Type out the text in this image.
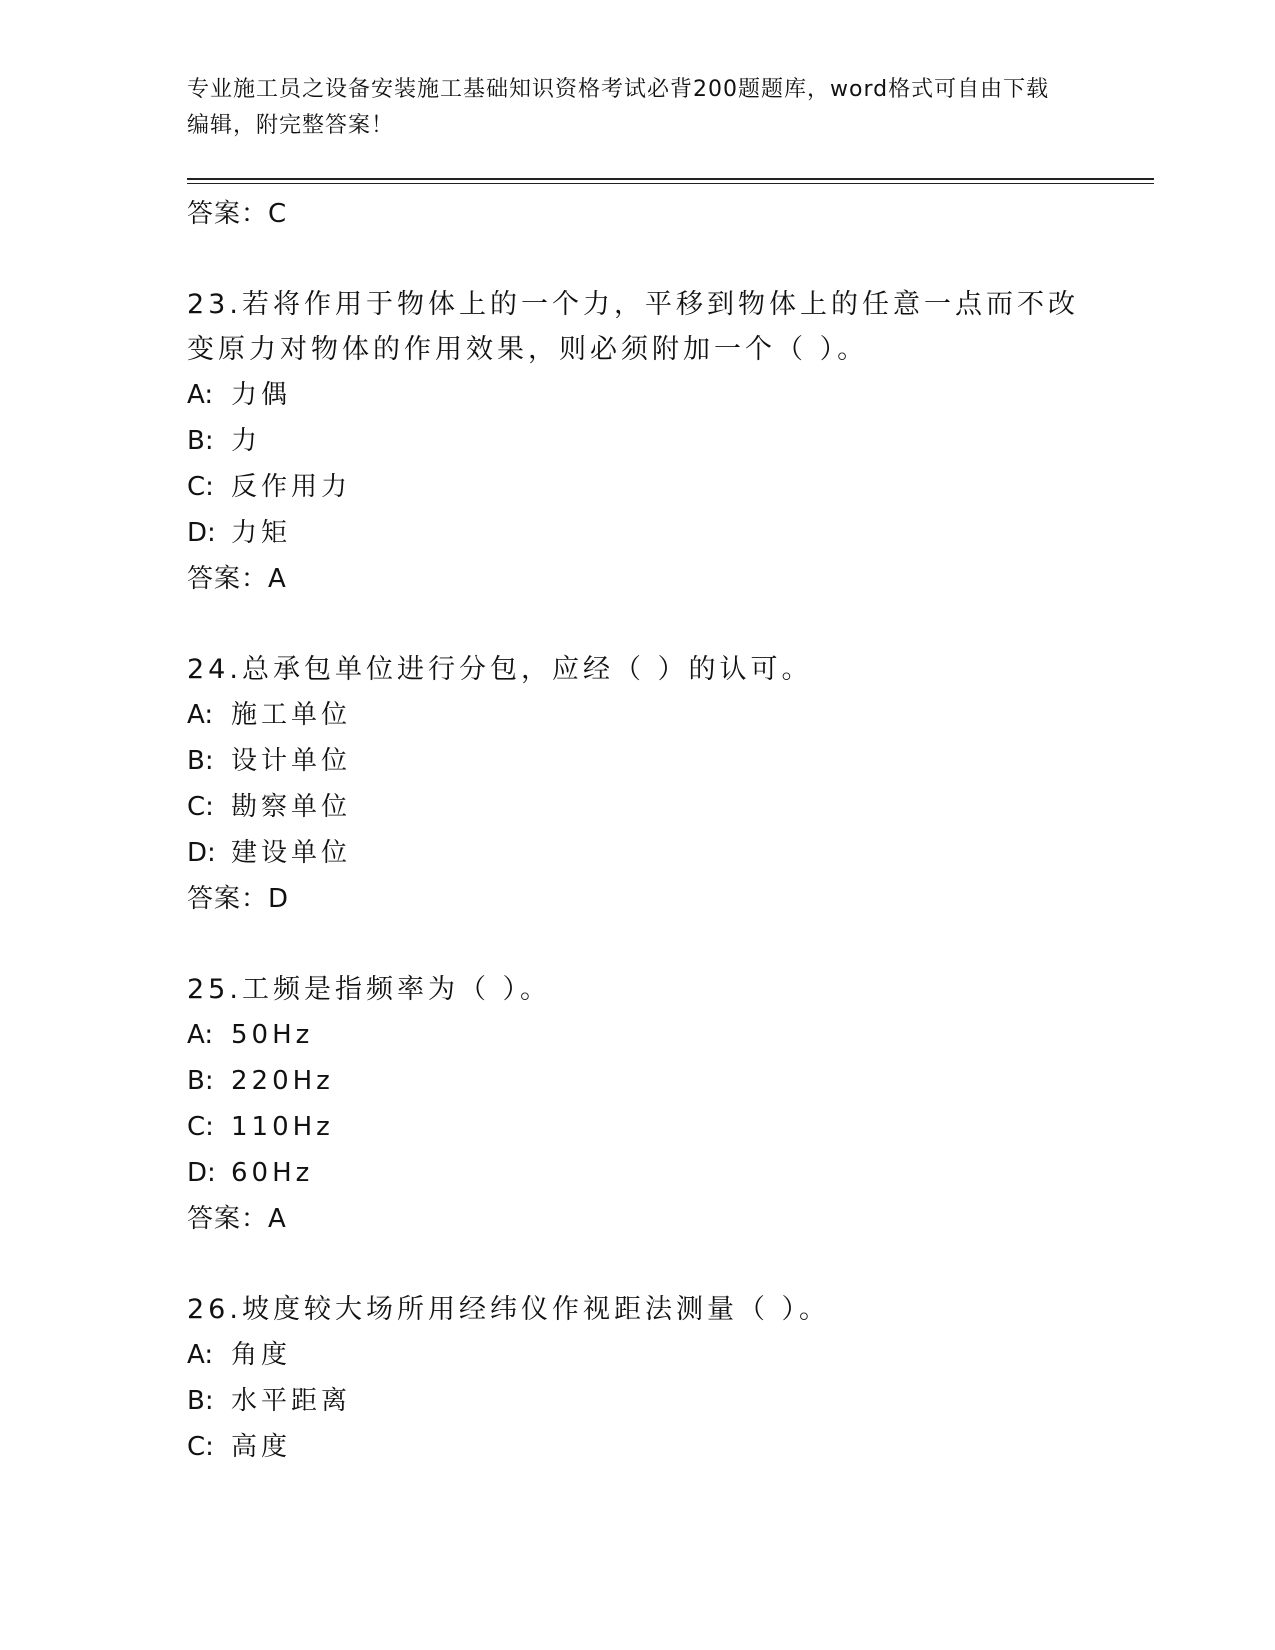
专业施工员之设备安装施工基础知识资格考试必背200题题库，word格式可自由下载编辑，附完整答案！
答案：C
23.若将作用于物体上的一个力，平移到物体上的任意一点而不改变原力对物体的作用效果，则必须附加一个（ ）。
A: 力偶
B: 力
C: 反作用力
D: 力矩
答案：A
24.总承包单位进行分包，应经（ ）的认可。
A: 施工单位
B: 设计单位
C: 勘察单位
D: 建设单位
答案：D
25.工频是指频率为（ ）。
A: 50Hz
B: 220Hz
C: 110Hz
D: 60Hz
答案：A
26.坡度较大场所用经纬仪作视距法测量（ ）。
A: 角度
B: 水平距离
C: 高度
